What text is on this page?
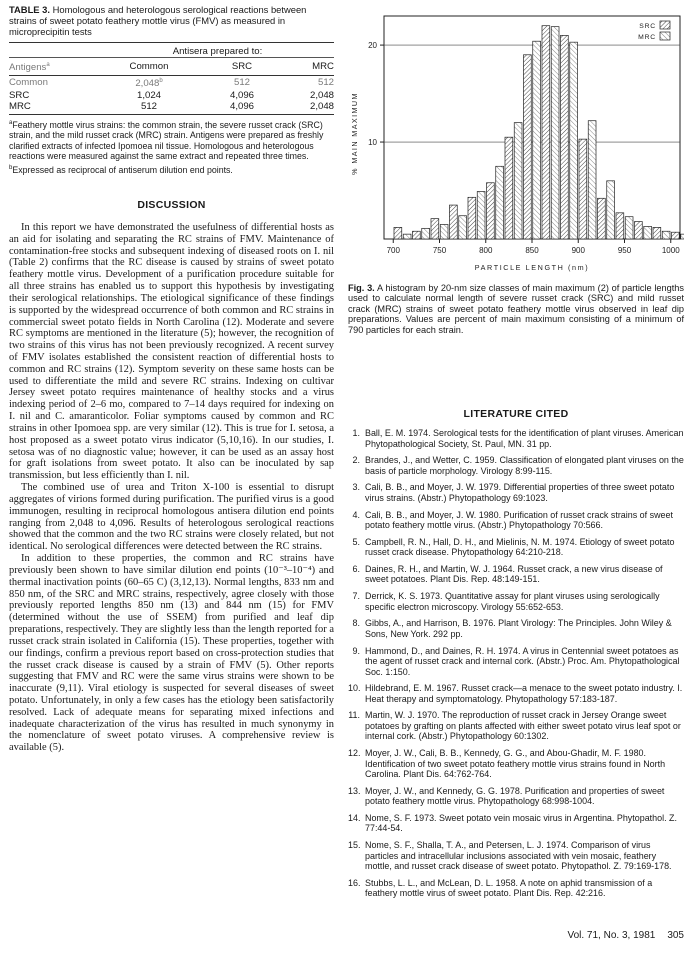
TABLE 3. Homologous and heterologous serological reactions between strains of sweet potato feathery mottle virus (FMV) as measured in microprecipitin tests

	Antisera prepared to:		
Antigens$^a$	Common	SRC	MRC
Common	2,048$^b$	512	512
SRC	1,024	4,096	2,048
MRC	512	4,096	2,048

$^a$Feathery mottle virus strains: the common strain, the severe russet crack (SRC) strain, and the mild russet crack (MRC) strain. Antigens were prepared as freshly clarified extracts of infected Ipomoea nil tissue. Homologous and heterologous reactions were measured against the same extract and repeated three times.

$^b$Expressed as reciprocal of antiserum dilution end points.

DISCUSSION

In this report we have demonstrated the usefulness of differential hosts as an aid for isolating and separating the RC strains of FMV. Maintenance of contamination-free stocks and subsequent indexing of diseased roots on I. nil (Table 2) confirms that the RC disease is caused by strains of sweet potato feathery mottle virus. Development of a purification procedure suitable for all three strains has enabled us to support this hypothesis by investigating their serological relationships. The etiological significance of these findings is supported by the widespread occurrence of both common and RC strains in commercial sweet potato fields in North Carolina (12). Moderate and severe RC symptoms are mentioned in the literature (5); however, the recognition of two strains of this virus has not been previously recognized. A recent survey of FMV isolates established the consistent reaction of differential hosts to common and RC strains (12). Symptom severity on these same hosts can be used to differentiate the mild and severe RC strains. Indexing on cultivar Jersey sweet potato requires maintenance of healthy stocks and a virus indexing period of 2–6 mo, compared to 7–14 days required for indexing on I. nil and C. amaranticolor. Foliar symptoms caused by common and RC strains in other Ipomoea spp. are very similar (12). This is true for I. setosa, a host proposed as a sweet potato virus indicator (5,10,16). In our studies, I. setosa was of no diagnostic value; however, it can be used as an assay host for graft isolations from sweet potato. It also can be inoculated by sap transmission, but less efficiently than I. nil.

The combined use of urea and Triton X-100 is essential to disrupt aggregates of virions formed during purification. The purified virus is a good immunogen, resulting in reciprocal homologous antisera dilution end points ranging from 2,048 to 4,096. Results of heterologous serological reactions showed that the common and the two RC strains were closely related, but not identical. No serological differences were detected between the RC strains.

In addition to these properties, the common and RC strains have previously been shown to have similar dilution end points (10⁻³–10⁻⁴) and thermal inactivation points (60–65 C) (3,12,13). Normal lengths, 833 nm and 850 nm, of the SRC and MRC strains, respectively, agree closely with those previously reported lengths 850 nm (13) and 844 nm (15) for FMV (determined without the use of SSEM) from purified and leaf dip preparations, respectively. They are slightly less than the length reported for a russet crack strain isolated in California (15). These properties, together with our findings, confirm a previous report based on cross-protection studies that the russet crack disease is caused by a strain of FMV (5). Other reports suggesting that FMV and RC were the same virus strains were shown to be inaccurate (9,11). Viral etiology is suspected for several diseases of sweet potato. Unfortunately, in only a few cases has the etiology been satisfactorily resolved. Lack of adequate means for separating mixed infections and inadequate characterization of the virus has resulted in much synonymy in the nomenclature of sweet potato viruses. A comprehensive review is available (5).

10
20
700	750	800	850	900	950	1000
PARTICLE LENGTH (nm)
% MAIN MAXIMUM
SRC
MRC
Fig. 3. A histogram by 20-nm size classes of main maximum (2) of particle lengths used to calculate normal length of severe russet crack (SRC) and mild russet crack (MRC) strains of sweet potato feathery mottle virus observed in leaf dip preparations. Values are percent of main maximum consisting of a minimum of 790 particles for each strain.
LITERATURE CITED
1. Ball, E. M. 1974. Serological tests for the identification of plant viruses. American Phytopathological Society, St. Paul, MN. 31 pp.
2. Brandes, J., and Wetter, C. 1959. Classification of elongated plant viruses on the basis of particle morphology. Virology 8:99-115.
3. Cali, B. B., and Moyer, J. W. 1979. Differential properties of three sweet potato virus strains. (Abstr.) Phytopathology 69:1023.
4. Cali, B. B., and Moyer, J. W. 1980. Purification of russet crack strains of sweet potato feathery mottle virus. (Abstr.) Phytopathology 70:566.
5. Campbell, R. N., Hall, D. H., and Mielinis, N. M. 1974. Etiology of sweet potato russet crack disease. Phytopathology 64:210-218.
6. Daines, R. H., and Martin, W. J. 1964. Russet crack, a new virus disease of sweet potatoes. Plant Dis. Rep. 48:149-151.
7. Derrick, K. S. 1973. Quantitative assay for plant viruses using serologically specific electron microscopy. Virology 55:652-653.
8. Gibbs, A., and Harrison, B. 1976. Plant Virology: The Principles. John Wiley & Sons, New York. 292 pp.
9. Hammond, D., and Daines, R. H. 1974. A virus in Centennial sweet potatoes as the agent of russet crack and internal cork. (Abstr.) Proc. Am. Phytopathological Soc. 1:150.
10. Hildebrand, E. M. 1967. Russet crack—a menace to the sweet potato industry. I. Heat therapy and symptomatology. Phytopathology 57:183-187.
11. Martin, W. J. 1970. The reproduction of russet crack in Jersey Orange sweet potatoes by grafting on plants affected with either sweet potato virus leaf spot or internal cork. (Abstr.) Phytopathology 60:1302.
12. Moyer, J. W., Cali, B. B., Kennedy, G. G., and Abou-Ghadir, M. F. 1980. Identification of two sweet potato feathery mottle virus strains found in North Carolina. Plant Dis. 64:762-764.
13. Moyer, J. W., and Kennedy, G. G. 1978. Purification and properties of sweet potato feathery mottle virus. Phytopathology 68:998-1004.
14. Nome, S. F. 1973. Sweet potato vein mosaic virus in Argentina. Phytopathol. Z. 77:44-54.
15. Nome, S. F., Shalla, T. A., and Petersen, L. J. 1974. Comparison of virus particles and intracellular inclusions associated with vein mosaic, feathery mottle, and russet crack disease of sweet potato. Phytopathol. Z. 79:169-178.
16. Stubbs, L. L., and McLean, D. L. 1958. A note on aphid transmission of a feathery mottle virus of sweet potato. Plant Dis. Rep. 42:216.
Vol. 71, No. 3, 1981 305
